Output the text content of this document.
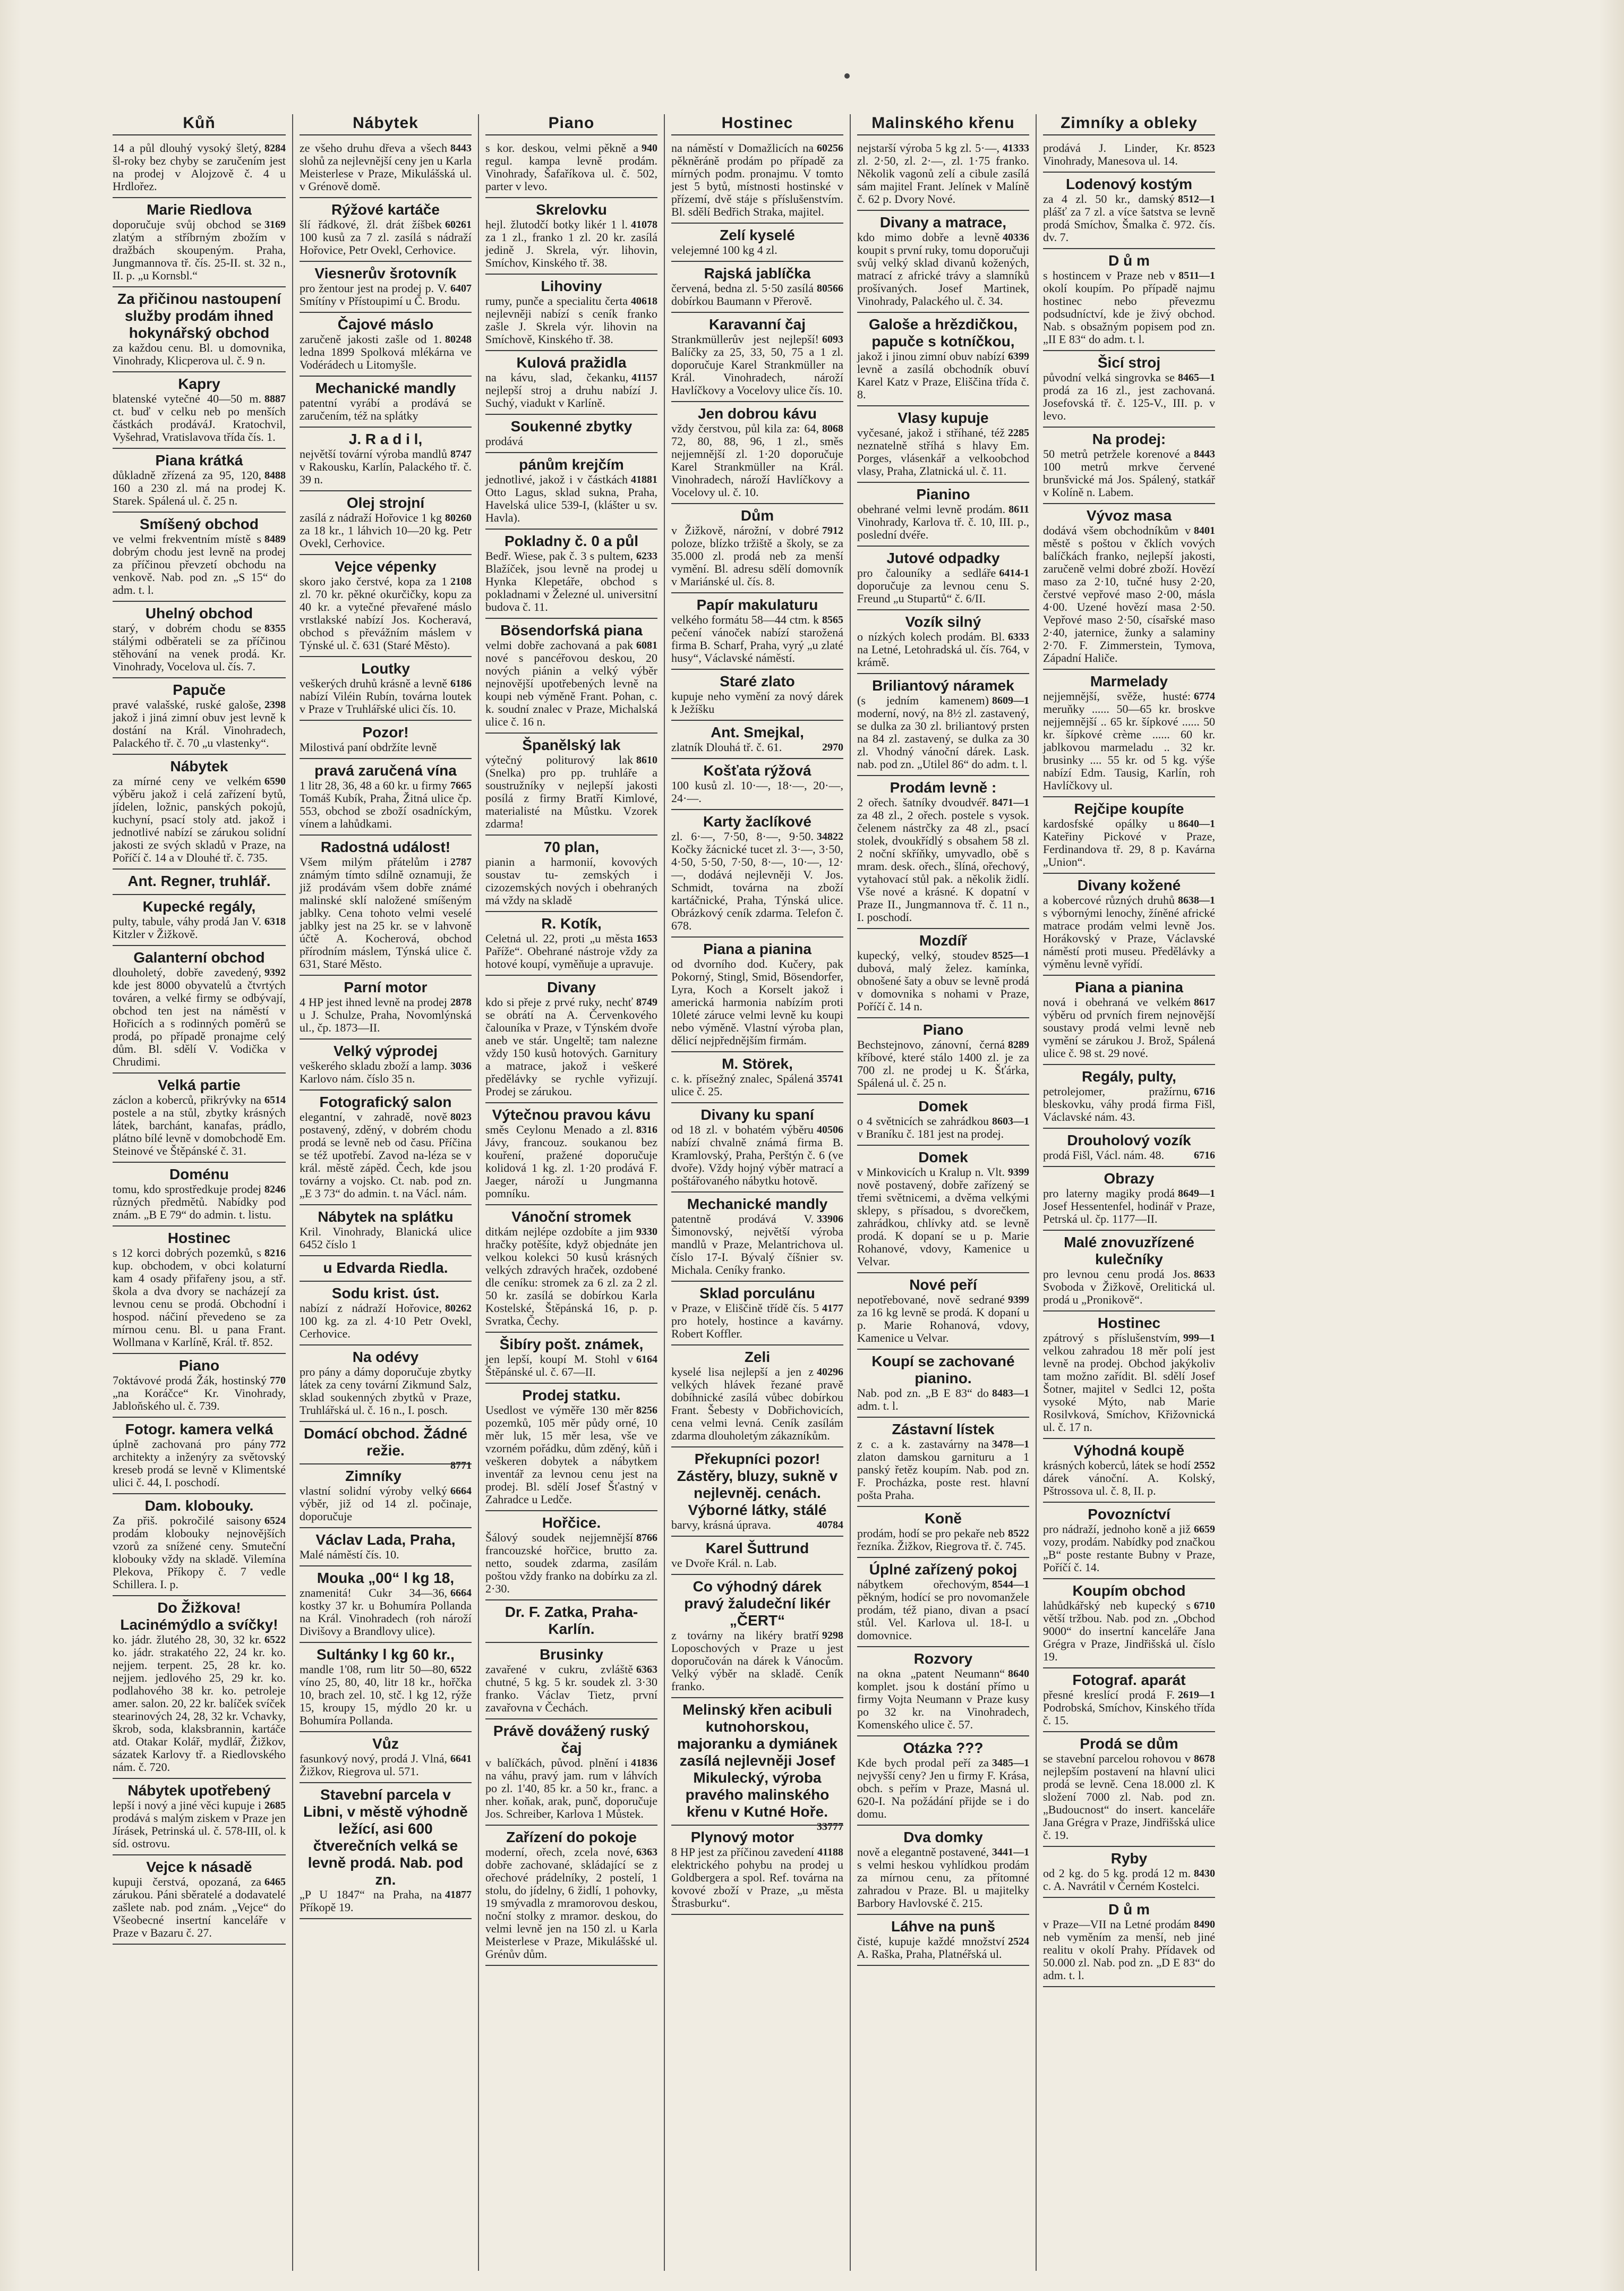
Kůň
8284
14 a půl dlouhý vysoký šletý, šl-roky bez chyby se zaručením jest na prodej v Alojzově č. 4 u Hrdlořez.
Marie Riedlova
3169
doporučuje svůj obchod se zlatým a stříbrným zbožím v dražbách skoupeným. Praha, Jungmannova tř. čís. 25-II. st. 32 n., II. p. „u Kornsbl.“
Za přičinou nastoupení služby prodám ihned hokynářský obchod
za každou cenu. Bl. u domovnika, Vinohrady, Klicperova ul. č. 9 n.
Kapry
8887
blatenské vytečné 40—50 m. ct. buď v celku neb po menších částkách prodáváJ. Kratochvil, Vyšehrad, Vratislavova třída čís. 1.
Piana krátká
8488
důkladně zřízená za 95, 120, 160 a 230 zl. má na prodej K. Starek. Spálená ul. č. 25 n.
Smíšený obchod
8489
ve velmi frekventním místě s dobrým chodu jest levně na prodej za příčinou převzetí obchodu na venkově. Nab. pod zn. „S 15“ do adm. t. l.
Uhelný obchod
8355
starý, v dobrém chodu se stálými odběrateli se za příčinou stěhování na venek prodá. Kr. Vinohrady, Vocelova ul. čís. 7.
Papuče
2398
pravé valašské, ruské galoše, jakož i jiná zimní obuv jest levně k dostání na Král. Vinohradech, Palackého tř. č. 70 „u vlastenky“.
Nábytek
6590
za mírné ceny ve velkém výběru jakož i celá zařízení bytů, jídelen, ložnic, panských pokojů, kuchyní, psací stoly atd. jakož i jednotlivé nabízí se zárukou solidní jakosti ze svých skladů v Praze, na Poříčí č. 14 a v Dlouhé tř. č. 735.
Ant. Regner, truhlář.
Kupecké regály,
6318
pulty, tabule, váhy prodá Jan V. Kitzler v Žižkově.
Galanterní obchod
9392
dlouholetý, dobře zavedený, kde jest 8000 obyvatelů a čtvrtých továren, a velké firmy se odbývají, obchod ten jest na náměstí v Hořicích a s rodinných poměrů se prodá, po případě pronajme celý dům. Bl. sdělí V. Vodička v Chrudimi.
Velká partie
6514
záclon a koberců, přikrývky na postele a na stůl, zbytky krásných látek, barchánt, kanafas, prádlo, plátno bílé levně v domobchodě Em. Steinové ve Štěpánské č. 31.
Doménu
8246
tomu, kdo sprostředkuje prodej různých předmětů. Nabídky pod znám. „B E 79“ do admin. t. listu.
Hostinec
8216
s 12 korci dobrých pozemků, s kup. obchodem, v obci kolaturní kam 4 osady přifařeny jsou, a stř. škola a dva dvory se nacházejí za levnou cenu se prodá. Obchodní i hospod. náčiní převedeno se za mírnou cenu. Bl. u pana Frant. Wollmana v Karlíně, Král. tř. 852.
Piano
770
7oktávové prodá Žák, hostinský „na Koráčce“ Kr. Vinohrady, Jabloňského ul. č. 739.
Fotogr. kamera velká
772
úplně zachovaná pro pány architekty a inženýry za světovský kreseb prodá se levně v Klimentské ulici č. 44, I. poschodí.
Dam. klobouky.
6524
Za přiš. pokročilé saisony prodám klobouky nejnovějších vzorů za snížené ceny. Smuteční klobouky vždy na skladě. Vilemína Plekova, Příkopy č. 7 vedle Schillera. I. p.
Do Žižkova! Lacinémýdlo a svíčky!
6522
ko. jádr. žlutého 28, 30, 32 kr. ko. jádr. strakatého 22, 24 kr. ko. nejjem. terpent. 25, 28 kr. ko. nejjem. jedlového 25, 29 kr. ko. podlahového 38 kr. ko. petroleje amer. salon. 20, 22 kr. balíček svíček stearinových 24, 28, 32 kr. Vchavky, škrob, soda, klaksbrannin, kartáče atd. Otakar Kolář, mydlář, Žižkov, sázatek Karlovy tř. a Riedlovského nám. č. 720.
Nábytek upotřebený
2685
lepší i nový a jiné věci kupuje i prodává s malým ziskem v Praze jen Jírásek, Petrinská ul. č. 578-III, ol. k síd. ostrovu.
Vejce k násadě
6465
kupuji čerstvá, opozaná, za zárukou. Páni sběratelé a dodavatelé zašlete nab. pod znám. „Vejce“ do Všeobecné insertní kanceláře v Praze v Bazaru č. 27.
Nábytek
8443
ze všeho druhu dřeva a všech slohů za nejlevnější ceny jen u Karla Meisterlese v Praze, Mikulášská ul. v Grénově domě.
Rýžové kartáče
60261
šlí řádkové, žl. drát žíšbek 100 kusů za 7 zl. zasílá s nádraží Hořovice, Petr Ovekl, Cerhovice.
Viesnerův šrotovník
6407
pro žentour jest na prodej p. V. Smítíny v Přístoupimí u Č. Brodu.
Čajové máslo
80248
zaručeně jakosti zašle od 1. ledna 1899 Spolková mlékárna ve Vodérádech u Litomyšle.
Mechanické mandly
patentní vyrábí a prodává se zaručením, též na splátky
J. R a d i l,
8747
největší tovární výroba mandlů v Rakousku, Karlín, Palackého tř. č. 39 n.
Olej strojní
80260
zasílá z nádraží Hořovice 1 kg za 18 kr., 1 láhvich 10—20 kg. Petr Ovekl, Cerhovice.
Vejce vépenky
2108
skoro jako čerstvé, kopa za 1 zl. 70 kr. pěkné okurčičky, kopu za 40 kr. a vytečné převařené máslo vrstlakské nabízí Jos. Kocheravá, obchod s převážním máslem v Týnské ul. č. 631 (Staré Město).
Loutky
6186
veškerých druhů krásně a levně nabízí Viléin Rubín, továrna loutek v Praze v Truhlářské ulici čís. 10.
Pozor!
Milostivá paní obdržíte levně
pravá zaručená vína
7665
1 litr 28, 36, 48 a 60 kr. u firmy Tomáš Kubík, Praha, Žitná ulice čp. 553, obchod se zboží osadníckým, vínem a lahůdkami.
Radostná událost!
2787
Všem milým přátelům i známým tímto sdílně oznamuji, že již prodávám všem dobře známé malinské sklí naložené smíšeným jablky. Cena tohoto velmi veselé jablky jest na 25 kr. se v lahvoně účtě A. Kocherová, obchod přírodním máslem, Týnská ulice č. 631, Staré Město.
Parní motor
2878
4 HP jest ihned levně na prodej u J. Schulze, Praha, Novomlýnská ul., čp. 1873—II.
Velký výprodej
3036
veškerého skladu zboží a lamp. Karlovo nám. číslo 35 n.
Fotografický salon
8023
elegantní, v zahradě, nově postavený, zděný, v dobrém chodu prodá se levně neb od času. Příčina se též upotřebí. Zavod na-léza se v král. městě zápěd. Čech, kde jsou továrny a vojsko. Ct. nab. pod zn. „E 3 73“ do admin. t. na Václ. nám.
Nábytek na splátku
Kril. Vinohrady, Blanická ulice 6452 číslo 1
u Edvarda Riedla.
Sodu krist. úst.
80262
nabízí z nádraží Hořovice, 100 kg. za zl. 4·10 Petr Ovekl, Cerhovice.
Na odévy
pro pány a dámy doporučuje zbytky látek za ceny tovární Zikmund Salz, sklad soukenných zbytků v Praze, Truhlářská ul. č. 16 n., I. posch.
Domácí obchod. Žádné režie.
8771
Zimníky
6664
vlastní solidní výroby velký výběr, již od 14 zl. počinaje, doporučuje
Václav Lada, Praha,
Malé náměstí čís. 10.
Mouka „00“ l kg 18,
6664
znamenitá! Cukr 34—36, kostky 37 kr. u Bohumíra Pollanda na Král. Vinohradech (roh nároží Divišovy a Brandlovy ulice).
Sultánky l kg 60 kr.,
6522
mandle 1'08, rum litr 50—80, víno 25, 80, 40, litr 18 kr., hořčka 10, brach zel. 10, stč. l kg 12, rýže 15, kroupy 15, mýdlo 20 kr. u Bohumíra Pollanda.
Vůz
6641
fasunkový nový, prodá J. Vlná, Žižkov, Riegrova ul. 571.
Stavební parcela v Libni, v městě výhodně ležící, asi 600 čtverečních velká se levně prodá. Nab. pod zn.
41877
„P U 1847“ na Praha, na Příkopě 19.
Piano
940
s kor. deskou, velmi pěkně a regul. kampa levně prodám. Vinohrady, Šafaříkova ul. č. 502, parter v levo.
Skrelovku
41078
hejl. žlutodčí botky likér 1 l. za 1 zl., franko 1 zl. 20 kr. zasílá jedině J. Skrela, výr. lihovin, Smíchov, Kinského tř. 38.
Lihoviny
40618
rumy, punče a specialitu čerta nejlevněji nabízí s ceník franko zašle J. Skrela výr. lihovin na Smíchově, Kinského tř. 38.
Kulová pražidla
41157
na kávu, slad, čekanku, nejlepší stroj a druhu nabízí J. Suchý, viadukt v Karlíně.
Soukenné zbytky
prodává
pánům krejčím
41881
jednotlivé, jakož i v částkách Otto Lagus, sklad sukna, Praha, Havelská ulice 539-I, (klášter u sv. Havla).
Pokladny č. 0 a půl
6233
Bedř. Wiese, pak č. 3 s pultem, Blažíček, jsou levně na prodej u Hynka Klepetáře, obchod s pokladnami v Železné ul. universitní budova č. 11.
Bösendorfská piana
6081
velmi dobře zachovaná a pak nové s pancéřovou deskou, 20 nových piánin a velký výběr nejnovější upotřebených levně na koupi neb výměně Frant. Pohan, c. k. soudní znalec v Praze, Michalská ulice č. 16 n.
Španělský lak
8610
výtečný politurový lak (Snelka) pro pp. truhláře a soustružníky v nejlepší jakosti posílá z firmy Bratří Kimlové, materialisté na Můstku. Vzorek zdarma!
70 plan,
pianin a harmonií, kovových soustav tu- zemských i cizozemských nových i obehraných má vždy na skladě
R. Kotík,
1653
Celetná ul. 22, proti „u města Paříže“. Obehrané nástroje vždy za hotové koupí, vyměňuje a upravuje.
Divany
8749
kdo si přeje z prvé ruky, nechť se obrátí na A. Červenkového čalouníka v Praze, v Týnském dvoře aneb ve stár. Ungeltě; tam nalezne vždy 150 kusů hotových. Garnitury a matrace, jakož i veškeré předělávky se rychle vyřizují. Prodej se zárukou.
Výtečnou pravou kávu
8316
směs Ceylonu Menado a zl. Jávy, francouz. soukanou bez kouření, pražené doporučuje kolidová 1 kg. zl. 1·20 prodává F. Jaeger, nároží u Jungmanna pomníku.
Vánoční stromek
9330
ditkám nejlépe ozdobíte a jim hračky potěšíte, když objednáte jen velkou kolekci 50 kusů krásných velkých zdravých hraček, ozdobené dle ceníku: stromek za 6 zl. za 2 zl. 50 kr. zasílá se dobírkou Karla Kostelské, Štěpánská 16, p. p. Svratka, Čechy.
Šibíry pošt. známek,
6164
jen lepší, koupí M. Stohl v Štěpánské ul. č. 67—II.
Prodej statku.
8256
Usedlost ve výměře 130 měr pozemků, 105 měr půdy orné, 10 měr luk, 15 měr lesa, vše ve vzorném pořádku, dům zděný, kůň i veškeren dobytek a nábytkem inventář za levnou cenu jest na prodej. Bl. sdělí Josef Šťastný v Zahradce u Ledče.
Hořčice.
8766
Šálový soudek nejjemnější francouzské hořčice, brutto za. netto, soudek zdarma, zasílám poštou vždy franko na dobírku za zl. 2·30.
Dr. F. Zatka, Praha-Karlín.
Brusinky
6363
zavařené v cukru, zvláště chutné, 5 kg. 5 kr. soudek zl. 3·30 franko. Václav Tietz, první zavařovna v Čechách.
Právě dovážený ruský čaj
41836
v balíčkách, původ. plnění i na váhu, pravý jam. rum v láhvích po zl. 1'40, 85 kr. a 50 kr., franc. a nher. koňak, arak, punč, doporučuje Jos. Schreiber, Karlova 1 Můstek.
Zařízení do pokoje
6363
moderní, ořech, zcela nové, dobře zachované, skládající se z ořechové prádelníky, 2 postelí, 1 stolu, do jídelny, 6 židlí, 1 pohovky, 19 smývadla z mramorovou deskou, noční stolky z mramor. deskou, do velmi levně jen na 150 zl. u Karla Meisterlese v Praze, Mikulášské ul. Grénův dům.
Hostinec
60256
na náměstí v Domažlicích na pěkněráně prodám po případě za mírných podm. pronajmu. V tomto jest 5 bytů, místnosti hostinské v přízemí, dvě stáje s příslušenstvím. Bl. sdělí Bedřich Straka, majitel.
Zelí kyselé
velejemné 100 kg 4 zl.
Rajská jablíčka
80566
červená, bedna zl. 5·50 zasílá dobírkou Baumann v Přerově.
Karavanní čaj
6093
Strankmüllerův jest nejlepší! Balíčky za 25, 33, 50, 75 a 1 zl. doporučuje Karel Strankmüller na Král. Vinohradech, nároží Havlíčkovy a Vocelovy ulice čís. 10.
Jen dobrou kávu
8068
vždy čerstvou, půl kila za: 64, 72, 80, 88, 96, 1 zl., směs nejjemnější zl. 1·20 doporučuje Karel Strankmüller na Král. Vinohradech, nároží Havlíčkovy a Vocelovy ul. č. 10.
Dům
7912
v Žižkově, nárožní, v dobré poloze, blízko tržiště a školy, se za 35.000 zl. prodá neb za menší vymění. Bl. adresu sdělí domovník v Mariánské ul. čís. 8.
Papír makulaturu
8565
velkého formátu 58—44 ctm. k pečení vánoček nabízí starožená firma B. Scharf, Praha, vyrý „u zlaté husy“, Václavské náměstí.
Staré zlato
kupuje neho vymění za nový dárek k Ježíšku
Ant. Smejkal,
2970
zlatník Dlouhá tř. č. 61.
Košťata rýžová
100 kusů zl. 10·—, 18·—, 20·—, 24·—.
Karty žaclíkové
34822
zl. 6·—, 7·50, 8·—, 9·50. Kočky žácnické tucet zl. 3·—, 3·50, 4·50, 5·50, 7·50, 8·—, 10·—, 12·—, dodává nejlevněji V. Jos. Schmidt, továrna na zboží kartáčnické, Praha, Týnská ulice. Obrázkový ceník zdarma. Telefon č. 678.
Piana a pianina
od dvorního dod. Kučery, pak Pokorný, Stingl, Smid, Bösendorfer, Lyra, Koch a Korselt jakož i americká harmonia nabízím proti 10leté záruce velmi levně ku koupi nebo výměně. Vlastní výroba plan, dělicí nejpřednějším firmám.
M. Störek,
35741
c. k. přísežný znalec, Spálená ulice č. 25.
Divany ku spaní
40506
od 18 zl. v bohatém výběru nabízí chvalně známá firma B. Kramlovský, Praha, Perštýn č. 6 (ve dvoře). Vždy hojný výběr matrací a poštářovaného nábytku hotově.
Mechanické mandly
33906
patentně prodává V. Šimonovský, největší výroba mandlů v Praze, Melantrichova ul. číslo 17-I. Bývalý číšnier sv. Michala. Ceníky franko.
Sklad porculánu
4177
v Praze, v Eliščině třídě čís. 5 pro hotely, hostince a kavárny. Robert Koffler.
Zeli
40296
kyselé lisa nejlepší a jen z velkých hlávek řezané pravě dobíhnické zasílá vůbec dobírkou Frant. Šebesty v Dobřichovicích, cena velmi levná. Ceník zasílám zdarma dlouholetým zákazníkům.
Překupníci pozor! Zástěry, bluzy, sukně v nejlevněj. cenách. Výborné látky, stálé
40784
barvy, krásná úprava.
Karel Šuttrund
ve Dvoře Král. n. Lab.
Co výhodný dárek pravý žaludeční likér „ČERT“
9298
z továrny na likéry bratří Loposchových v Praze u jest doporučován na dárek k Vánocům. Velký výběr na skladě. Ceník franko.
Melinský křen acibuli kutnohorskou, majoranku a dymiánek zasílá nejlevněji Josef Mikulecký, výroba pravého malinského křenu v Kutné Hoře.
33777
Plynový motor
41188
8 HP jest za příčinou zavedení elektrického pohybu na prodej u Goldbergera a spol. Ref. továrna na kovové zboží v Praze, „u města Štrasburku“.
Malinského křenu
41333
nejstarší výroba 5 kg zl. 5·—, zl. 2·50, zl. 2·—, zl. 1·75 franko. Několik vagonů zelí a cibule zasílá sám majitel Frant. Jelínek v Malíně č. 62 p. Dvory Nové.
Divany a matrace,
40336
kdo mimo dobře a levně koupit s první ruky, tomu doporučuji svůj velký sklad divanů kožených, matrací z africké trávy a slamníků prošívaných. Josef Martinek, Vinohrady, Palackého ul. č. 34.
Galoše a hrězdičkou, papuče s kotníčkou,
6399
jakož i jinou zimní obuv nabízí levně a zasílá obchodník obuví Karel Katz v Praze, Eliščina třída č. 8.
Vlasy kupuje
2285
vyčesané, jakož i stříhané, též neznatelně stříhá s hlavy Em. Porges, vlásenkář a velkoobchod vlasy, Praha, Zlatnická ul. č. 11.
Pianino
8611
obehrané velmi levně prodám. Vinohrady, Karlova tř. č. 10, III. p., poslední dvéře.
Jutové odpadky
6414-1
pro čalouníky a sedláře doporučuje za levnou cenu S. Freund „u Stupartů“ č. 6/II.
Vozík silný
6333
o nízkých kolech prodám. Bl. na Letné, Letohradská ul. čís. 764, v krámě.
Briliantový náramek
8609—1
(s jedním kamenem) moderní, nový, na 8½ zl. zastavený, se dulka za 30 zl. briliantový prsten na 84 zl. zastavený, se dulka za 30 zl. Vhodný vánoční dárek. Lask. nab. pod zn. „Utilel 86“ do adm. t. l.
Prodám levně :
8471—1
2 ořech. šatníky dvoudvéř. za 48 zl., 2 ořech. postele s vysok. čelenem nástrčky za 48 zl., psací stolek, dvoukřídlý s obsahem 58 zl. 2 noční skříňky, umyvadlo, obě s mram. desk. ořech., šlíná, ořechový, vytahovací stůl pak. a několik židlí. Vše nové a krásné. K dopatní v Praze II., Jungmannova tř. č. 11 n., I. poschodí.
Mozdíř
8525—1
kupecký, velký, stoudev dubová, malý želez. kamínka, obnošené šaty a obuv se levně prodá v domovnika s nohami v Praze, Poříčí č. 14 n.
Piano
8289
Bechstejnovo, zánovní, černá kříbové, které stálo 1400 zl. je za 700 zl. ne prodej u K. Šťárka, Spálená ul. č. 25 n.
Domek
8603—1
o 4 světnicích se zahrádkou v Braníku č. 181 jest na prodej.
Domek
9399
v Minkovicích u Kralup n. Vlt. nově postavený, dobře zařízený se třemi světnicemi, a dvěma velkými sklepy, s přísadou, s dvorečkem, zahrádkou, chlívky atd. se levně prodá. K dopaní se u p. Marie Rohanové, vdovy, Kamenice u Velvar.
Nové peří
9399
nepotřebované, nově sedrané za 16 kg levně se prodá. K dopaní u p. Marie Rohanová, vdovy, Kamenice u Velvar.
Koupí se zachované pianino.
8483—1
Nab. pod zn. „B E 83“ do adm. t. l.
Zástavní lístek
3478—1
z c. a k. zastavárny na zlaton damskou garnituru a 1 panský řetěz koupím. Nab. pod zn. F. Procházka, poste rest. hlavní pošta Praha.
Koně
8522
prodám, hodí se pro pekaře neb řezníka. Žižkov, Riegrova tř. č. 745.
Úplné zařízený pokoj
8544—1
nábytkem ořechovým, pěkným, hodící se pro novomanžele prodám, též piano, divan a psací stůl. Vel. Karlova ul. 18-I. u domovnice.
Rozvory
8640
na okna „patent Neumann“ komplet. jsou k dostání přímo u firmy Vojta Neumann v Praze kusy po 32 kr. na Vinohradech, Komenského ulice č. 57.
Otázka ???
3485—1
Kde bych prodal peří za nejvyšší ceny? Jen u firmy F. Krása, obch. s peřím v Praze, Masná ul. 620-I. Na požádání přijde se i do domu.
Dva domky
3441—1
nově a elegantně postavené, s velmi heskou vyhlídkou prodám za mírnou cenu, za přítomné zahradou v Praze. Bl. u majitelky Barbory Havlovské č. 215.
Láhve na punš
2524
čisté, kupuje každé množství A. Raška, Praha, Platnéřská ul.
Zimníky a obleky
8523
prodává J. Linder, Kr. Vinohrady, Manesova ul. 14.
Lodenový kostým
8512—1
za 4 zl. 50 kr., damský plášť za 7 zl. a více šatstva se levně prodá Smíchov, Šmalka č. 972. čís. dv. 7.
D ů m
8511—1
s hostincem v Praze neb v okolí koupím. Po případě najmu hostinec nebo převezmu podsudníctví, kde je živý obchod. Nab. s obsažným popisem pod zn. „II E 83“ do adm. t. l.
Šicí stroj
8465—1
původní velká singrovka se prodá za 16 zl., jest zachovaná. Josefovská tř. č. 125-V., III. p. v levo.
Na prodej:
8443
50 metrů petržele korenové a 100 metrů mrkve červené brunšvické má Jos. Spálený, statkář v Kolíně n. Labem.
Vývoz masa
8401
dodává všem obchodníkům v městě s poštou v čklích vových balíčkách franko, nejlepší jakosti, zaručeně velmi dobré zboží. Hovězí maso za 2·10, tučné husy 2·20, čerstvé vepřové maso 2·00, másla 4·00. Uzené hovězí masa 2·50. Vepřové maso 2·50, císařské maso 2·40, jaternice, žunky a salaminy 2·70. F. Zimmerstein, Tymova, Západní Haliče.
Marmelady
6774
nejjemnější, svěže, husté: meruňky ...... 50—65 kr. broskve nejjemnější .. 65 kr. šípkové ...... 50 kr. šípkové crème ...... 60 kr. jablkovou marmeladu .. 32 kr. brusinky .... 55 kr. od 5 kg. výše nabízí Edm. Tausig, Karlín, roh Havlíčkovy ul.
Rejčipe koupíte
8640—1
kardosfské opálky u Kateřiny Pickové v Praze, Ferdinandova tř. 29, 8 p. Kavárna „Union“.
Divany kožené
8638—1
a kobercové různých druhů s výbornými lenochy, žíněné africké matrace prodám velmi levně Jos. Horákovský v Praze, Václavské náměstí proti museu. Předělávky a výměnu levně vyřídí.
Piana a pianina
8617
nová i obehraná ve velkém výběru od prvních firem nejnovější soustavy prodá velmi levně neb vymění se zárukou J. Brož, Spálená ulice č. 98 st. 29 nové.
Regály, pulty,
6716
petrolejomer, pražírnu, bleskovku, váhy prodá firma Fišl, Václavské nám. 43.
Drouholový vozík
6716
prodá Fišl, Václ. nám. 48.
Obrazy
8649—1
pro laterny magiky prodá Josef Hessentenfel, hodinář v Praze, Petrská ul. čp. 1177—II.
Malé znovuzřízené kulečníky
8633
pro levnou cenu prodá Jos. Svoboda v Žižkově, Orelitická ul. prodá u „Pronikově“.
Hostinec
999—1
zpátrový s příslušenstvím, velkou zahradou 18 měr polí jest levně na prodej. Obchod jakýkoliv tam možno zařídit. Bl. sdělí Josef Šotner, majitel v Sedlci 12, pošta vysoké Mýto, nab Marie Rosilvková, Smíchov, Křižovnická ul. č. 17 n.
Výhodná koupě
2552
krásných koberců, látek se hodí dárek vánoční. A. Kolský, Pštrossova ul. č. 8, II. p.
Povozníctví
6659
pro nádraží, jednoho koně a již vozy, prodám. Nabídky pod značkou „B“ poste restante Bubny v Praze, Poříčí č. 14.
Koupím obchod
6710
lahůdkářský neb kupecký s větší tržbou. Nab. pod zn. „Obchod 9000“ do insertní kanceláře Jana Grégra v Praze, Jindřišská ul. číslo 19.
Fotograf. aparát
2619—1
přesné kreslící prodá F. Podrobská, Smíchov, Kinského třída č. 15.
Prodá se dům
8678
se stavební parcelou rohovou v nejlepším postavení na hlavní ulici prodá se levně. Cena 18.000 zl. K složení 7000 zl. Nab. pod zn. „Budoucnost“ do insert. kanceláře Jana Grégra v Praze, Jindřišská ulice č. 19.
Ryby
8430
od 2 kg. do 5 kg. prodá 12 m. c. A. Navrátil v Černém Kostelci.
D ů m
8490
v Praze—VII na Letné prodám neb vyměním za menší, neb jiné realitu v okolí Prahy. Přídavek od 50.000 zl. Nab. pod zn. „D E 83“ do adm. t. l.
